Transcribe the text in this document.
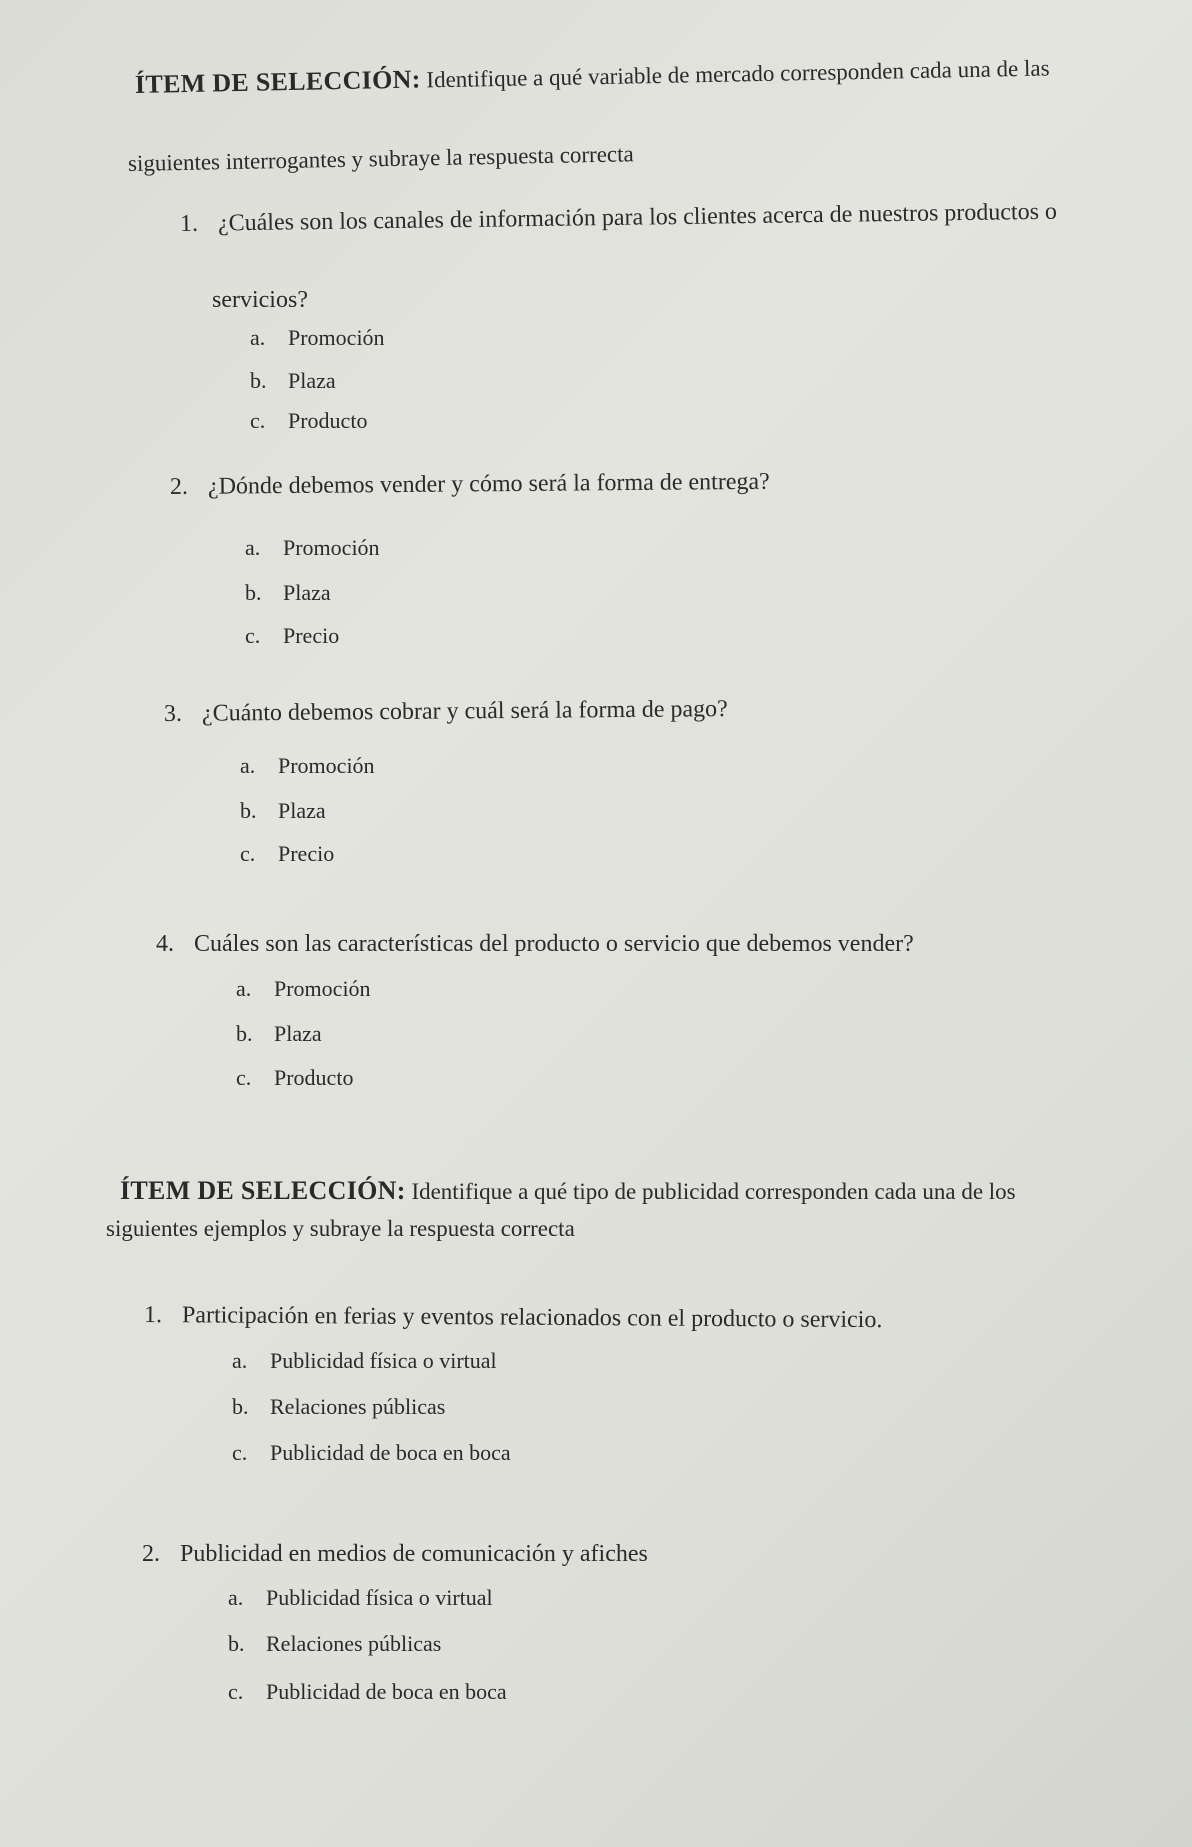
ÍTEM DE SELECCIÓN: Identifique a qué variable de mercado corresponden cada una de las
siguientes interrogantes y subraye la respuesta correcta
1. ¿Cuáles son los canales de información para los clientes acerca de nuestros productos o
servicios?
a. Promoción
b. Plaza
c. Producto
2. ¿Dónde debemos vender y cómo será la forma de entrega?
a. Promoción
b. Plaza
c. Precio
3. ¿Cuánto debemos cobrar y cuál será la forma de pago?
a. Promoción
b. Plaza
c. Precio
4. Cuáles son las características del producto o servicio que debemos vender?
a. Promoción
b. Plaza
c. Producto
ÍTEM DE SELECCIÓN: Identifique a qué tipo de publicidad corresponden cada una de los
siguientes ejemplos y subraye la respuesta correcta
1. Participación en ferias y eventos relacionados con el producto o servicio.
a. Publicidad física o virtual
b. Relaciones públicas
c. Publicidad de boca en boca
2. Publicidad en medios de comunicación y afiches
a. Publicidad física o virtual
b. Relaciones públicas
c. Publicidad de boca en boca
